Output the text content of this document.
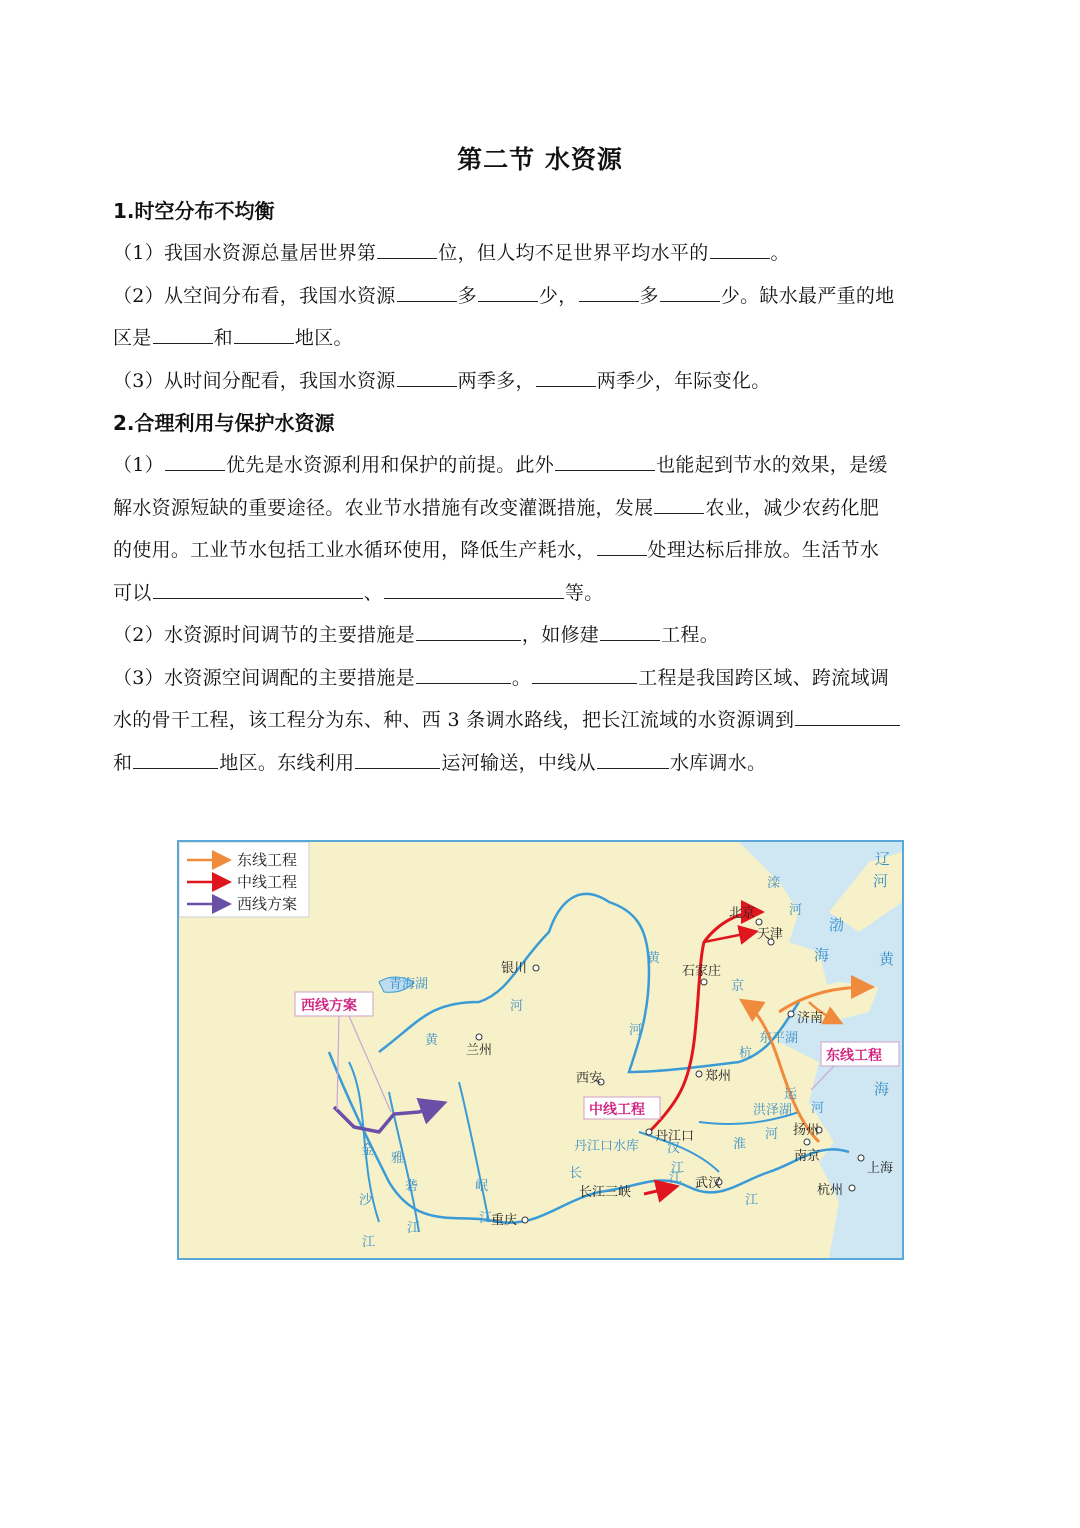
第二节 水资源

1.时空分布不均衡

（1）我国水资源总量居世界第	位，但人均不足世界平均水平的	。

（2）从空间分布看，我国水资源	多	少，	多	少。缺水最严重的地
区是	和	地区。

（3）从时间分配看，我国水资源	两季多，	两季少，年际变化。

2.合理利用与保护水资源

（1）	优先是水资源利用和保护的前提。此外	也能起到节水的效果，是缓
解水资源短缺的重要途径。农业节水措施有改变灌溉措施，发展	农业，减少农药化肥
的使用。工业节水包括工业水循环使用，降低生产耗水，	处理达标后排放。生活节水
可以	、	等。

（2）水资源时间调节的主要措施是	，如修建	工程。

（3）水资源空间调配的主要措施是	。	工程是我国跨区域、跨流域调
水的骨干工程，该工程分为东、种、西 3 条调水路线，把长江流域的水资源调到
和	地区。东线利用	运河输送，中线从	水库调水。

东线工程
中线工程
西线方案
北京
天津
石家庄
银川
兰州
济南
西安	郑州
丹江口
武汉
扬州
南京
上海
杭州
重庆
青海湖
东平湖
洪泽湖
丹江口水库
长江三峡
黄
河
黄
河
滦
河
京
杭
运
河
汉
江
淮
河
长
江
金
沙
江
雅
砻
江
岷
江
江
渤
海	黄
海
辽
河
西线方案
中线工程
东线工程
